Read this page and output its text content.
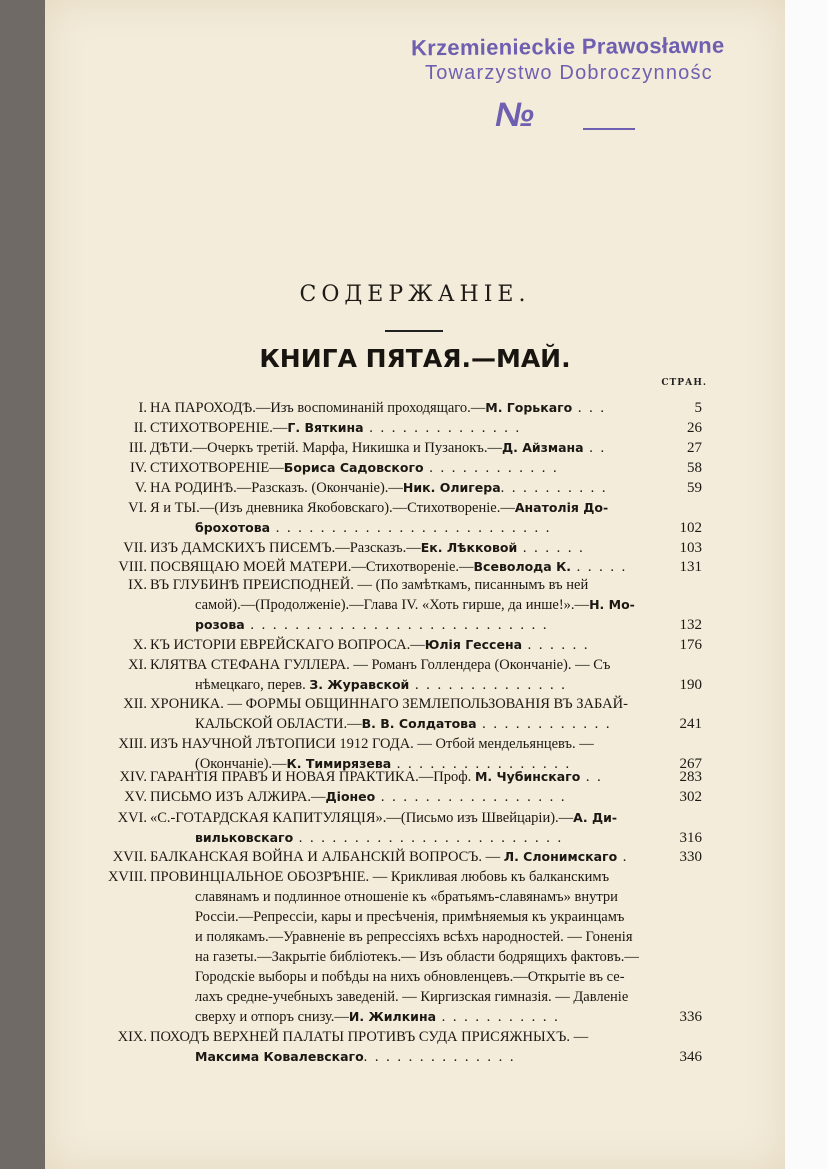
Krzemienieckie Prawosławne
Towarzystwo Dobroczynnośc
№
СОДЕРЖАНІЕ.
КНИГА ПЯТАЯ.—МАЙ.
СТРАН.
I. НА ПАРОХОДѢ.—Изъ воспоминаній проходящаго.—М. Горькаго . . .	5
II. СТИХОТВОРЕНІЕ.—Г. Вяткина . . . . . . . . . . . . . .	26
III. ДѢТИ.—Очеркъ третій. Марфа, Никишка и Пузанокъ.—Д. Айзмана . .	27
IV. СТИХОТВОРЕНІЕ—Бориса Садовского . . . . . . . . . . . .	58
V. НА РОДИНѢ.—Разсказъ. (Окончаніе).—Ник. Олигера. . . . . . . . . .	59
VI. Я и ТЫ.—(Изъ дневника Якобовскаго).—Стихотвореніе.—Анатолія До-
брохотова . . . . . . . . . . . . . . . . . . . . . . . . .	102
VII. ИЗЪ ДАМСКИХЪ ПИСЕМЪ.—Разсказъ.—Ек. Лѣкковой . . . . . .	103
VIII. ПОСВЯЩАЮ МОЕЙ МАТЕРИ.—Стихотвореніе.—Всеволода К. . . . . .	131
IX. ВЪ ГЛУБИНѢ ПРЕИСПОДНЕЙ. — (По замѣткамъ, писаннымъ въ ней
самой).—(Продолженіе).—Глава IV. «Хоть гирше, да инше!».—Н. Мо-
розова . . . . . . . . . . . . . . . . . . . . . . . . . . .	132
X. КЪ ИСТОРІИ ЕВРЕЙСКАГО ВОПРОСА.—Юлія Гессена . . . . . .	176
XI. КЛЯТВА СТЕФАНА ГУЛЛЕРА. — Романъ Голлендера (Окончаніе). — Съ
нѣмецкаго, перев. З. Журавской . . . . . . . . . . . . . .	190
XII. ХРОНИКА. — ФОРМЫ ОБЩИННАГО ЗЕМЛЕПОЛЬЗОВАНІЯ ВЪ ЗАБАЙ-
КАЛЬСКОЙ ОБЛАСТИ.—В. В. Солдатова . . . . . . . . . . . .	241
XIII. ИЗЪ НАУЧНОЙ ЛѢТОПИСИ 1912 ГОДА. — Отбой мендельянцевъ. —
(Окончаніе).—К. Тимирязева . . . . . . . . . . . . . . . .	267
XIV. ГАРАНТІЯ ПРАВЪ И НОВАЯ ПРАКТИКА.—Проф. М. Чубинскаго . .	283
XV. ПИСЬМО ИЗЪ АЛЖИРА.—Діонео . . . . . . . . . . . . . . . . .	302
XVI. «С.-ГОТАРДСКАЯ КАПИТУЛЯЦІЯ».—(Письмо изъ Швейцаріи).—А. Ди-
вильковскаго . . . . . . . . . . . . . . . . . . . . . . . .	316
XVII. БАЛКАНСКАЯ ВОЙНА И АЛБАНСКІЙ ВОПРОСЪ. — Л. Слонимскаго .	330
XVIII. ПРОВИНЦІАЛЬНОЕ ОБОЗРѢНІЕ. — Крикливая любовь къ балканскимъ
славянамъ и подлинное отношеніе къ «братьямъ-славянамъ» внутри
Россіи.—Репрессіи, кары и пресѣченія, примѣняемыя къ украинцамъ
и полякамъ.—Уравненіе въ репрессіяхъ всѣхъ народностей. — Гоненія
на газеты.—Закрытіе библіотекъ.— Изъ области бодрящихъ фактовъ.—
Городскіе выборы и побѣды на нихъ обновленцевъ.—Открытіе въ се-
лахъ средне-учебныхъ заведеній. — Киргизская гимназія. — Давленіе
сверху и отпоръ снизу.—И. Жилкина . . . . . . . . . . .	336
XIX. ПОХОДЪ ВЕРХНЕЙ ПАЛАТЫ ПРОТИВЪ СУДА ПРИСЯЖНЫХЪ. —
Максима Ковалевскаго. . . . . . . . . . . . . .	346
